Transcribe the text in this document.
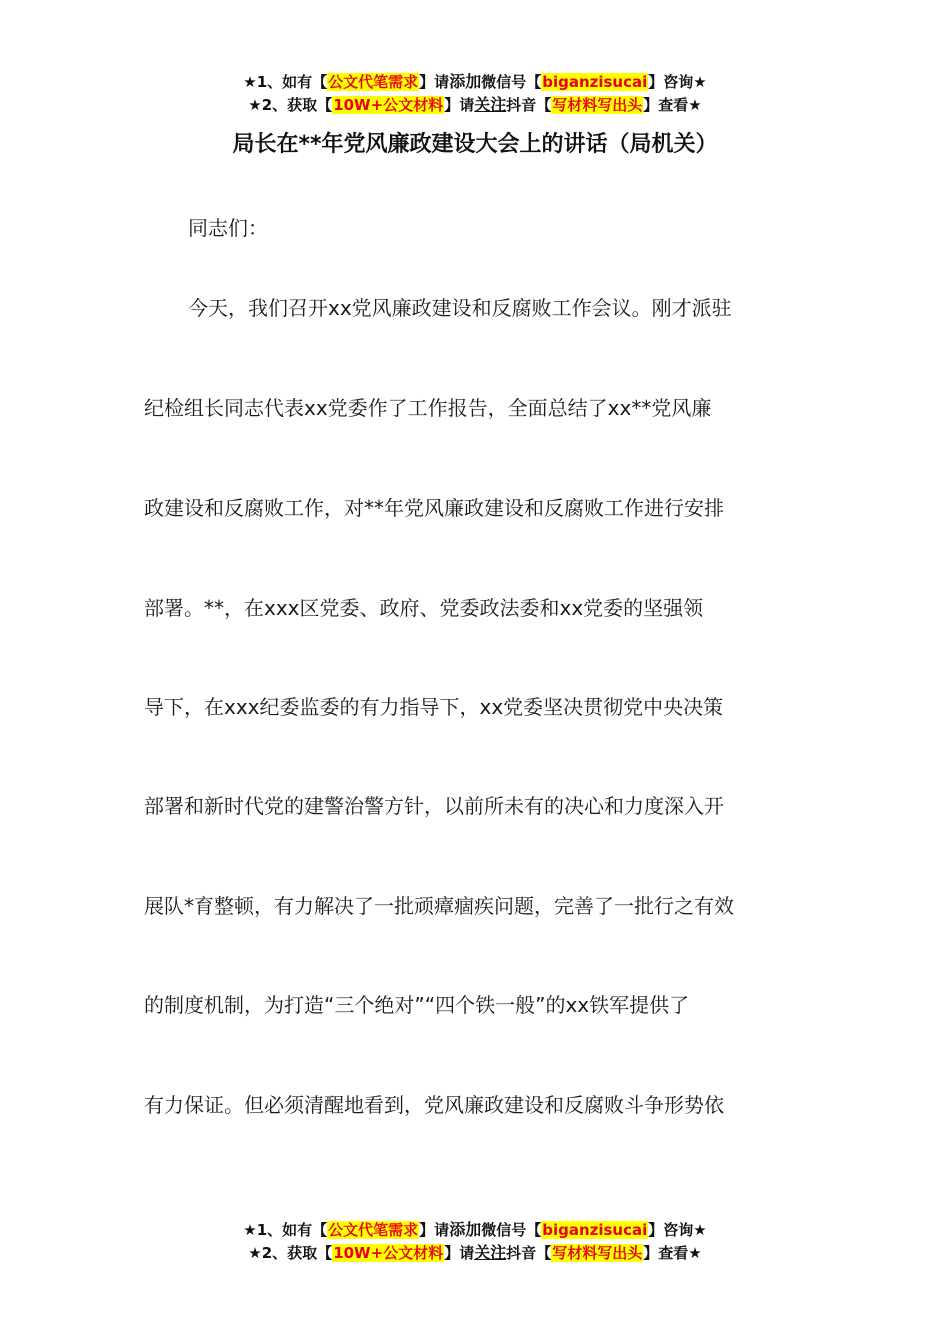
★1、如有【公文代笔需求】请添加微信号【biganzisucai】咨询★
★2、获取【10W+公文材料】请关注抖音【写材料写出头】查看★
局长在**年党风廉政建设大会上的讲话（局机关）
同志们：
今天，我们召开xx党风廉政建设和反腐败工作会议。刚才派驻
纪检组长同志代表xx党委作了工作报告，全面总结了xx**党风廉
政建设和反腐败工作，对**年党风廉政建设和反腐败工作进行安排
部署。**，在xxx区党委、政府、党委政法委和xx党委的坚强领
导下，在xxx纪委监委的有力指导下，xx党委坚决贯彻党中央决策
部署和新时代党的建警治警方针，以前所未有的决心和力度深入开
展队*育整顿，有力解决了一批顽瘴痼疾问题，完善了一批行之有效
的制度机制，为打造“三个绝对”“四个铁一般”的xx铁军提供了
有力保证。但必须清醒地看到，党风廉政建设和反腐败斗争形势依
★1、如有【公文代笔需求】请添加微信号【biganzisucai】咨询★
★2、获取【10W+公文材料】请关注抖音【写材料写出头】查看★
